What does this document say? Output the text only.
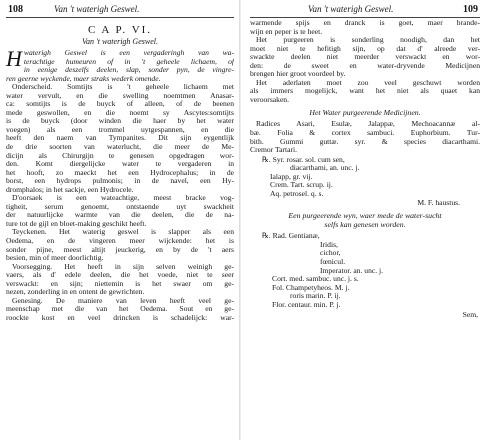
108	Van 't waterigh Geswel.
C A P. VI.
Van 't waterigh Geswel.
H waterigh Geswel is een vergaderingh van wa-
terachtige humeuren of in 't geheele lichaem, of
in eenige deszelfs deelen, slap, sonder pyn, de vingre-
ren geerne wyckende, maer straks wederk omende.
Onderscheid. Somtijts is 't geheele lichaem met
water vervult, en die swelling noemtmen Anasar-
ca: somtijts is de buyck of alleen, of de beenen
mede geswollen, en die noemt sy Ascytes:somtijts
is de buyck (door winden die haer by het water
voegen) als een trommel uytgespannen, en die
heeft den naem van Tympanites. Dit sijn eygentlijk
de drie soorten van waterlucht, die meer de Me-
dicijn als Chirurgijn te genesen opgedragen wor-
den. Komt diergelijcke water te vergaderen in
het hooft, zo maeckt het een Hydrocephalus; in de
borst, een hydrops pulmonis; in de navel, een Hy-
dromphalos; in het sackje, een Hydrocele.
D'oorsaek is een wateachtige, meest bracke vog-
tigheit, serum genoemt, ontstaende uyt swackheit
der natuurlijcke warmte van die deelen, die de na-
ture tot de gijl en bloet-making geschikt heeft.
Teyckenen. Het waterig geswel is slapper als een
Oedema, en de vingeren meer wijckende: het is
sonder pijne, meest altijt jeuckerig, en by de 't aers
besien, min of meer doorlichtig.
Voorsegging. Het heeft in sijn selven weinigh ge-
vaers, als d' edele deelen, die het voede, niet te seer
verswackt: en sijn; niettemin is het swaer om ge-
nezen, zonderling in en ontent de gewrichten.
Genesing. De maniere van leven heeft veel ge-
meenschap met die van het Oedema. Sout en ge-
roockte kost en veel drincken is schadelijck: war-
Van 't waterigh Geswel.	109
warmende spijs en dranck is goet, maer brande-
wijn en peper is te heet.
Het purgeeren is sonderling noodigh, dan het
moet niet te hefitigh sijn, op dat d' alreede ver-
swackte deelen niet meerder verswackt en wor-
den: de sweet en water-dryvende Medicijnen
brengen hier groot voordeel by.
Het aderlaten moet zoo veel geschuwt worden
als immers mogelijck, want het niet als quaet kan
veroorsaken.
Het Water purgeerende Medicijnen.
Radices Asari, Esulæ, Jalappæ, Mechoacannæ al-
bæ. Folia & cortex sambuci. Euphorbium. Tur-
bith. Gummi guttæ. syr. & species diacarthami.
Cremor Tartari.
℞. Syr. rosar. sol. cum sen,
diacarthami, an. unc. j.
Ialapp, gr. vij.
Crem. Tart. scrup. ij.
Aq. petrosel. q. s.
M. F. haustus.
Een purgeerende wyn, waer mede de water-sucht
selfs kan genesen worden.
℞. Rad. Gentianæ,
Iridis,
cichor,
fœnicul.
Imperator. an. unc. j.
Cort. med. sambuc. unc. j. s.
Fol. Champetyheos. M. j.
roris marin. P. ij.
Flor. centaur. min. P. j.
Sem,
